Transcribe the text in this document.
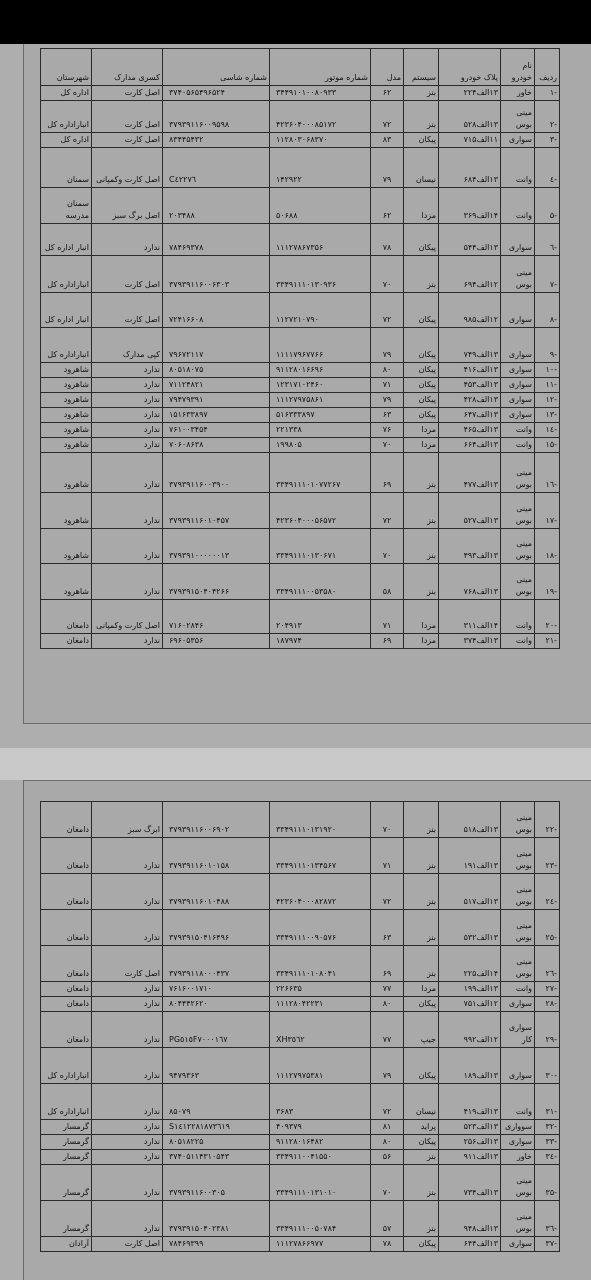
ردیف	نام خودرو	پلاک خودرو	سیستم	مدل	شماره موتور	شماره شاسی	کسری مدارک	شهرستان
-۱	خاور	۱۳الف۲۲۴	بنز	۶۲	۳۴۴۹۱۰۱۰۰۸۰۹۳۳	۳۷۴۰۵۶۵۴۹۶۵۲۴	اصل کارت	اداره کل
-۲	مینی بوس	۱۳الف۵۲۸	بنز	۷۲	۴۲۳۶۰۴۰۰۰۸۵۱۷۲	۳۷۹۳۹۱۱۶۰۰۹۵۹۸	اصل کارت	انباراداره کل
-۳	سواری	۱۱الف۷۱۵	پیکان	۸۳	۱۱۲۸۰۳۰۶۸۳۷۰	۸۳۴۴۵۴۳۲	اصل کارت	اداره کل
-٤	وانت	۱۳الف۶۸۴	نیسان	۷۹	۱۴۲۹۲۲	C٤٢٢٧٦	اصل کارت وکمپانی	سمنان
-۵	وانت	۱۴الف۳۶۹	مزدا	۶۲	۵۰۶۸۸	۲۰۳۴۸۸	اصل برگ سبز	سمنان مدرسه
-٦	سواری	۱۳الف۵۴۴	پیکان	۷۸	۱۱۱۲۷۸۶۷۳۵۶	۷۸۴۶۹۳۷۸	ندارد	انبار اداره کل
-۷	مینی بوس	۱۲الف۶۹۴	بنز	۷۰	۳۳۴۹۱۱۱۰۱۳۰۹۳۶	۳۷۹۳۹۱۱۶۰۰۶۳۰۳	اصل کارت	انباراداره کل
-۸	سواری	۱۲الف۹۸۵	پیکان	۷۲	۱۱۲۷۲۱۰۷۹۰	۷۲۴۱۶۶۰۸	اصل کارت	انبار اداره کل
-۹	سواری	۱۳الف۷۴۹	پیکان	۷۹	۱۱۱۱۷۹۶۷۷۶۶	۷۹۶۷۲۱۱۷	کپی مدارک	انباراداره کل
-۱۰	سواری	۱۳الف۴۱۶	پیکان	۸۰	۹۱۱۲۸۰۱۶۶۹۶	۸۰۵۱۸۰۷۵	ندارد	شاهرود
-۱۱	سواری	۱۳الف۴۵۳	پیکان	۷۱	۱۲۳۱۷۱۰۲۴۶۰	۷۱۱۲۴۸۲۱	ندارد	شاهرود
-۱۲	سواری	۱۳الف۴۲۸	پیکان	۷۹	۱۱۱۲۷۹۷۵۸۶۱	۷۹۴۷۹۳۹۱	ندارد	شاهرود
-۱۳	سواری	۱۳الف۶۴۷	پیکان	۶۳	۵۱۶۳۳۳۸۹۷	۱۵۱۶۳۳۸۹۷	ندارد	شاهرود
-۱٤	وانت	۱۳الف۴۶۵	مزدا	۷۶	۲۲۱۳۳۸	۷۶۱۰۰۳۴۵۴	ندارد	شاهرود
-۱۵	وانت	۱۳الف۶۶۴	مزدا	۷۰	۱۹۹۸۰۵	۷۰۶۰۸۶۳۸	ندارد	شاهرود
-۱٦	مینی بوس	۱۳الف۴۷۷	بنز	۶۹	۳۳۴۹۱۱۱۰۱۰۷۷۲۶۷	۳۷۹۳۹۱۱۶۰۰۳۹۰۰	ندارد	شاهرود
-۱۷	مینی بوس	۱۳الف۵۲۷	بنز	۷۲	۴۲۳۶۰۴۰۰۰۵۶۵۷۲	۳۷۹۳۹۱۱۶۰۱۰۴۵۷	ندارد	شاهرود
-۱۸	مینی بوس	۱۳الف۴۹۳	بنز	۷۰	۳۳۴۹۱۱۱۰۱۳۰۶۷۱	۳۷۹۳۹۱۰۰۰۰۰۰۱۳	ندارد	شاهرود
-۱۹	مینی بوس	۱۳الف۷۶۸	بنز	۵۸	۳۳۴۹۱۱۱۰۰۵۳۵۸۰	۳۷۹۳۹۱۵۰۴۰۴۲۶۶	ندارد	شاهرود
-۲۰	وانت	۱۴الف۳۱۱	مزدا	۷۱	۲۰۴۹۱۳	۷۱۶۰۲۸۴۶	اصل کارت وکمپانی	دامغان
-۲۱	وانت	۱۳الف۳۷۴	مزدا	۶۹	۱۸۷۹۷۴	۶۹۶۰۵۳۵۶	ندارد	دامغان
-۲۲	مینی بوس	۱۳الف۵۱۸	بنز	۷۰	۳۳۴۹۱۱۱۰۱۳۱۹۲۰	۳۷۹۳۹۱۱۶۰۰۶۹۰۲	ابرگ سبز	دامغان
-۲۳	مینی بوس	۱۳الف۱۹۱	بنز	۷۱	۳۳۴۹۱۱۱۰۱۳۴۵۶۷	۳۷۹۳۹۱۱۶۰۱۰۱۵۸	ندارد	دامغان
-۲٤	مینی بوس	۱۳الف۵۱۷	بنز	۷۲	۴۲۳۶۰۴۰۰۰۸۲۸۷۲	۳۷۹۳۹۱۱۶۰۱۰۴۸۸	ندارد	دامغان
-۲۵	مینی بوس	۱۳الف۵۳۲	بنز	۶۳	۳۳۴۹۱۱۱۰۰۹۰۵۷۶	۳۷۹۳۹۱۵۰۴۱۶۴۹۶	ندارد	دامغان
-۲٦	مینی بوس	۱۴الف۲۲۵	بنز	۶۹	۳۳۴۹۱۱۱۰۱۰۸۰۴۱	۳۷۹۳۹۱۱۸۰۰۰۴۳۷	اصل کارت	دامغان
-۲۷	وانت	۱۳الف۱۹۹	مزدا	۷۷	۲۲۶۶۳۵	۷۶۱۶۰۰۱۷۱۰	ندارد	دامغان
-۲۸	سواری	۱۲الف۷۵۱	پیکان	۸۰	۱۱۱۲۸۰۴۲۲۳۱	۸۰۴۴۴۲۶۲۰	ندارد	دامغان
-۲۹	سواری کار	۱۲الف۹۹۲	جیپ	۷۷	XH۳٥٦٢	PG٥١٥F٧٠٠٠١٦٧	ندارد	دامغان
-۳۰	سواری	۱۳الف۱۸۹	پیکان	۷۹	۱۱۱۲۷۹۷۵۳۸۱	۹۴۷۹۳۶۳	ندارد	انباراداره کل
-۳۱	وانت	۱۳الف۴۱۹	نیسان	۷۲	۳۶۸۳	۸۵۰۷۹	ندارد	انباراداره کل
-۳۲	سوواری	۱۳الف۵۲۳	پراید	۸۱	۴۰۹۳۷۹	S١٤١٢٢٨١٨٧٣٦١٩	ندارد	گرمسار
-۳۳	سواری	۱۳الف۲۵۶	پیکان	۸۰	۹۱۱۲۸۰۱۶۴۸۲	۸۰۵۱۸۲۲۵	ندارد	گرمسار
-۳٤	خاور	۱۳الف۹۱۱	بنز	۵۶	۳۳۴۹۱۱۰۰۴۱۵۵۰	۳۷۴۰۵۱۱۴۳۱۰۵۴۳	ندارد	گرمسار
-۳۵	مینی بوس	۱۳الف۷۳۴	بنز	۷۰	۳۳۴۹۱۱۱۰۱۳۱۰۱۰	۳۷۹۳۹۱۱۶۰۰۳۰۵	ندارد	گرمسار
-۳٦	مینی بوس	۱۳الف۹۴۸	بنز	۵۷	۳۳۴۹۱۱۱۰۰۵۰۷۸۴	۳۷۹۳۹۱۵۰۴۰۲۳۸۱	ندارد	گرمسار
-۳۷	سواری	۱۳الف۶۴۴	پیکان	۷۸	۱۱۱۲۷۸۶۶۹۷۷	۷۸۴۶۹۳۹۹	اصل کارت	آرادان
